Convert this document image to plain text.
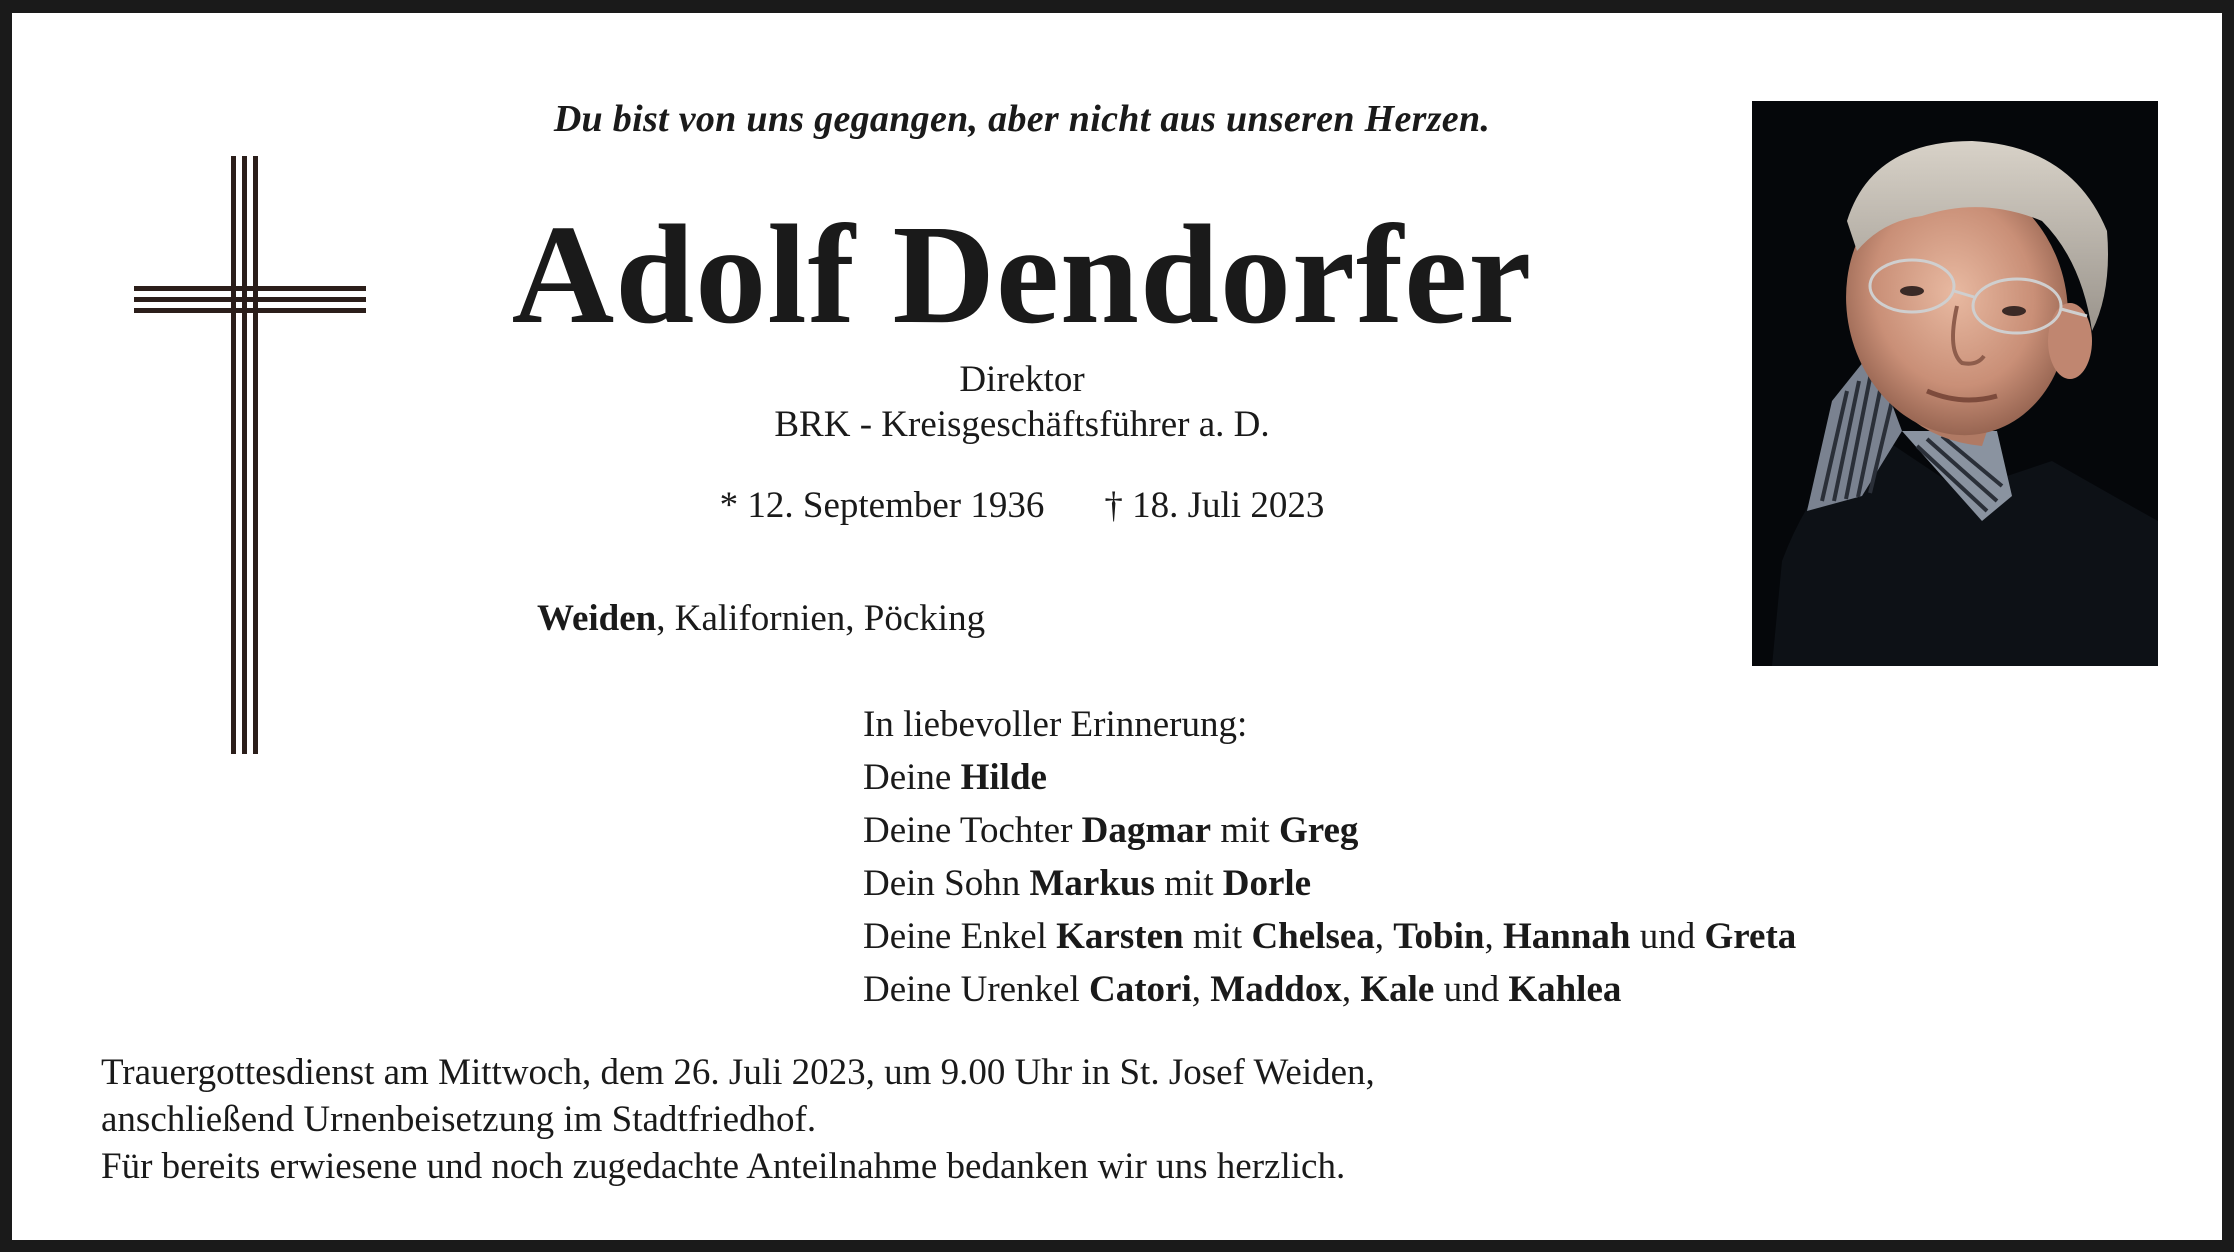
Du bist von uns gegangen, aber nicht aus unseren Herzen.
Adolf Dendorfer
Direktor
BRK - Kreisgeschäftsführer a. D.
* 12. September 1936 † 18. Juli 2023
Weiden, Kalifornien, Pöcking
In liebevoller Erinnerung:
Deine Hilde
Deine Tochter Dagmar mit Greg
Dein Sohn Markus mit Dorle
Deine Enkel Karsten mit Chelsea, Tobin, Hannah und Greta
Deine Urenkel Catori, Maddox, Kale und Kahlea
Trauergottesdienst am Mittwoch, dem 26. Juli 2023, um 9.00 Uhr in St. Josef Weiden,
anschließend Urnenbeisetzung im Stadtfriedhof.
Für bereits erwiesene und noch zugedachte Anteilnahme bedanken wir uns herzlich.
